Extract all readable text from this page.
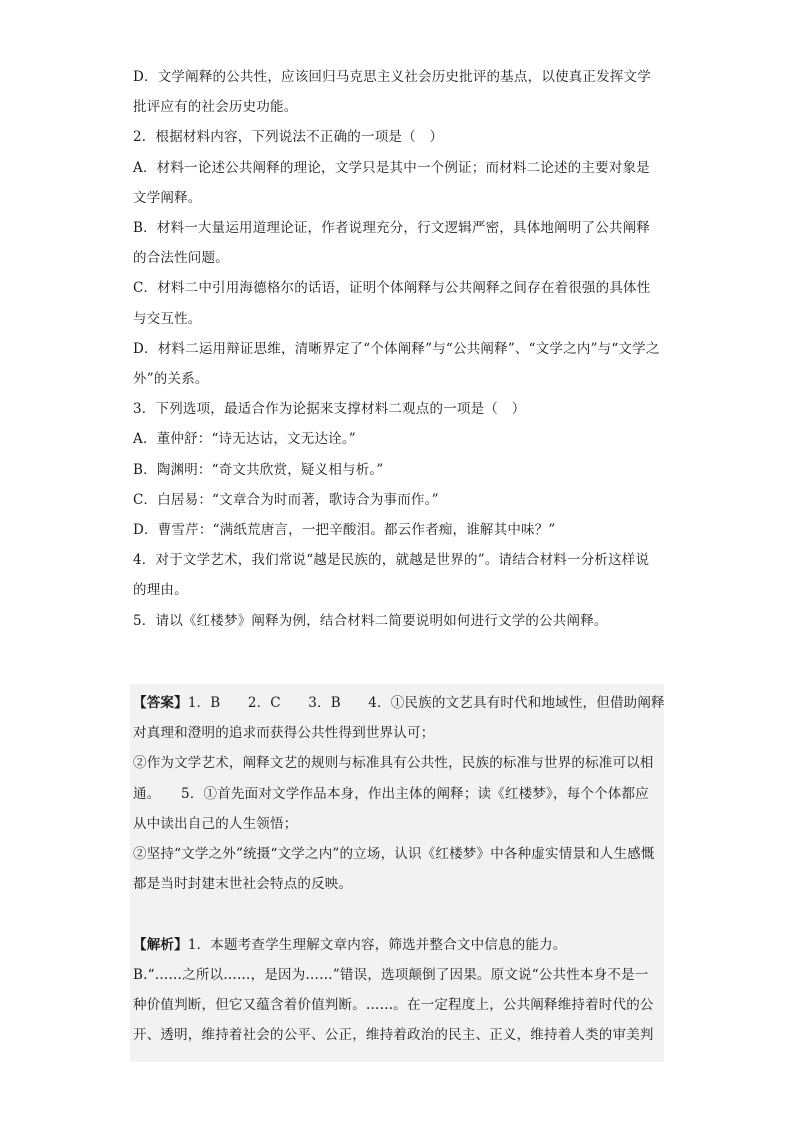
D．文学阐释的公共性，应该回归马克思主义社会历史批评的基点，以使真正发挥文学
批评应有的社会历史功能。
2．根据材料内容，下列说法不正确的一项是（　）
A．材料一论述公共阐释的理论，文学只是其中一个例证；而材料二论述的主要对象是
文学阐释。
B．材料一大量运用道理论证，作者说理充分，行文逻辑严密，具体地阐明了公共阐释
的合法性问题。
C．材料二中引用海德格尔的话语，证明个体阐释与公共阐释之间存在着很强的具体性
与交互性。
D．材料二运用辩证思维，清晰界定了“个体阐释”与“公共阐释”、“文学之内”与“文学之
外”的关系。
3．下列选项，最适合作为论据来支撑材料二观点的一项是（　）
A．董仲舒：“诗无达诂，文无达诠。”
B．陶渊明：“奇文共欣赏，疑义相与析。”
C．白居易：“文章合为时而著，歌诗合为事而作。”
D．曹雪芹：“满纸荒唐言，一把辛酸泪。都云作者痴，谁解其中味？”
4．对于文学艺术，我们常说“越是民族的，就越是世界的”。请结合材料一分析这样说
的理由。
5．请以《红楼梦》阐释为例，结合材料二简要说明如何进行文学的公共阐释。
【答案】1．B　　2．C　　3．B　　4．①民族的文艺具有时代和地域性，但借助阐释
对真理和澄明的追求而获得公共性得到世界认可；
②作为文学艺术，阐释文艺的规则与标准具有公共性，民族的标准与世界的标准可以相
通。　　5．①首先面对文学作品本身，作出主体的阐释；读《红楼梦》，每个个体都应
从中读出自己的人生领悟；
②坚持“文学之外”统摄“文学之内”的立场，认识《红楼梦》中各种虚实情景和人生感慨
都是当时封建末世社会特点的反映。
【解析】1．本题考查学生理解文章内容，筛选并整合文中信息的能力。
B.“……之所以……，是因为……”错误，选项颠倒了因果。原文说“公共性本身不是一
种价值判断，但它又蕴含着价值判断。……。在一定程度上，公共阐释维持着时代的公
开、透明，维持着社会的公平、公正，维持着政治的民主、正义，维持着人类的审美判
